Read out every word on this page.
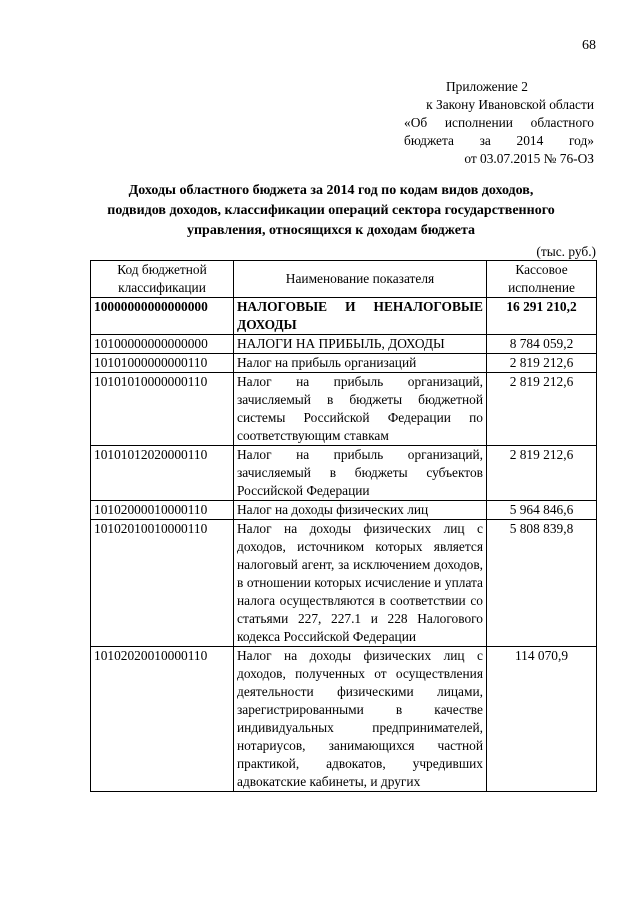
68
Приложение 2
к Закону Ивановской области
«Об исполнении областного
бюджета за 2014 год»
от 03.07.2015 № 76-ОЗ
Доходы областного бюджета за 2014 год по кодам видов доходов,
подвидов доходов, классификации операций сектора государственного
управления, относящихся к доходам бюджета
(тыс. руб.)
Код бюджетной классификации	Наименование показателя	Кассовое исполнение
10000000000000000	НАЛОГОВЫЕ И НЕНАЛОГОВЫЕ ДОХОДЫ	16 291 210,2
10100000000000000	НАЛОГИ НА ПРИБЫЛЬ, ДОХОДЫ	8 784 059,2
10101000000000110	Налог на прибыль организаций	2 819 212,6
10101010000000110	Налог на прибыль организаций, зачисляемый в бюджеты бюджетной системы Российской Федерации по соответствующим ставкам	2 819 212,6
10101012020000110	Налог на прибыль организаций, зачисляемый в бюджеты субъектов Российской Федерации	2 819 212,6
10102000010000110	Налог на доходы физических лиц	5 964 846,6
10102010010000110	Налог на доходы физических лиц с доходов, источником которых является налоговый агент, за исключением доходов, в отношении которых исчисление и уплата налога осуществляются в соответствии со статьями 227, 227.1 и 228 Налогового кодекса Российской Федерации	5 808 839,8
10102020010000110	Налог на доходы физических лиц с доходов, полученных от осуществления деятельности физическими лицами, зарегистрированными в качестве индивидуальных предпринимателей, нотариусов, занимающихся частной практикой, адвокатов, учредивших адвокатские кабинеты, и других	114 070,9
